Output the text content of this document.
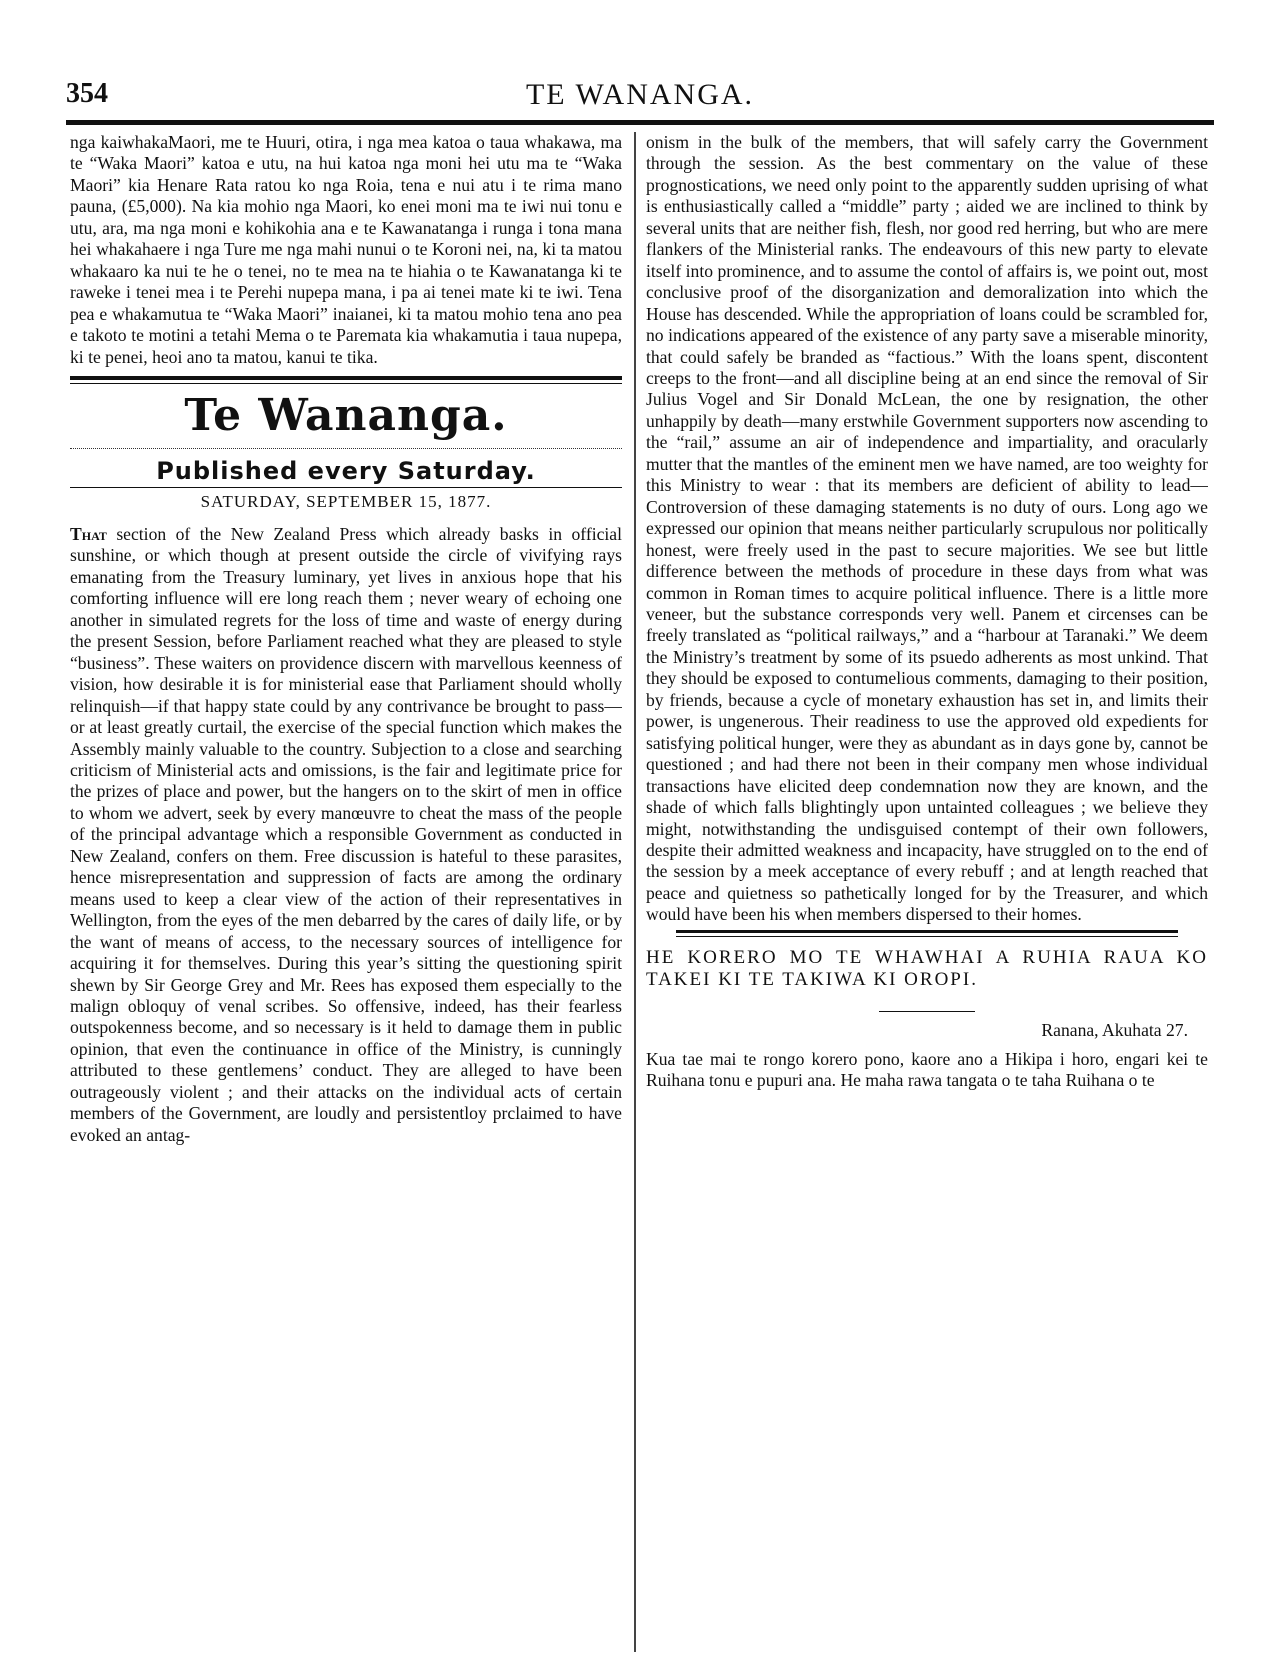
354	TE WANANGA.

nga kaiwhakaMaori, me te Huuri, otira, i nga mea katoa o taua whakawa, ma te “Waka Maori” katoa e utu, na hui katoa nga moni hei utu ma te “Waka Maori” kia Henare Rata ratou ko nga Roia, tena e nui atu i te rima mano pauna, (£5,000). Na kia mohio nga Maori, ko enei moni ma te iwi nui tonu e utu, ara, ma nga moni e kohikohia ana e te Kawanatanga i runga i tona mana hei whakahaere i nga Ture me nga mahi nunui o te Koroni nei, na, ki ta matou whakaaro ka nui te he o tenei, no te mea na te hiahia o te Kawanatanga ki te raweke i tenei mea i te Perehi nupepa mana, i pa ai tenei mate ki te iwi. Tena pea e whakamutua te “Waka Maori” inaianei, ki ta matou mohio tena ano pea e takoto te motini a tetahi Mema o te Paremata kia whakamutia i taua nupepa, ki te penei, heoi ano ta matou, kanui te tika.

Te Wananga.
Published every Saturday.
SATURDAY, SEPTEMBER 15, 1877.

That section of the New Zealand Press which already basks in official sunshine, or which though at present outside the circle of vivifying rays emanating from the Treasury luminary, yet lives in anxious hope that his comforting influence will ere long reach them ; never weary of echoing one another in simulated regrets for the loss of time and waste of energy during the present Session, before Parliament reached what they are pleased to style “business”. These waiters on providence discern with marvellous keenness of vision, how desirable it is for ministerial ease that Parliament should wholly relinquish—if that happy state could by any contrivance be brought to pass—or at least greatly curtail, the exercise of the special function which makes the Assembly mainly valuable to the country. Subjection to a close and searching criticism of Ministerial acts and omissions, is the fair and legitimate price for the prizes of place and power, but the hangers on to the skirt of men in office to whom we advert, seek by every manœuvre to cheat the mass of the people of the principal advantage which a responsible Government as conducted in New Zealand, confers on them. Free discussion is hateful to these parasites, hence misrepresentation and suppression of facts are among the ordinary means used to keep a clear view of the action of their representatives in Wellington, from the eyes of the men debarred by the cares of daily life, or by the want of means of access, to the necessary sources of intelligence for acquiring it for themselves. During this year’s sitting the questioning spirit shewn by Sir George Grey and Mr. Rees has exposed them especially to the malign obloquy of venal scribes. So offensive, indeed, has their fearless outspokenness become, and so necessary is it held to damage them in public opinion, that even the continuance in office of the Ministry, is cunningly attributed to these gentlemens’ conduct. They are alleged to have been outrageously violent ; and their attacks on the individual acts of certain members of the Government, are loudly and persistentloy prclaimed to have evoked an antag-

onism in the bulk of the members, that will safely carry the Government through the session. As the best commentary on the value of these prognostications, we need only point to the apparently sudden uprising of what is enthusiastically called a “middle” party ; aided we are inclined to think by several units that are neither fish, flesh, nor good red herring, but who are mere flankers of the Ministerial ranks. The endeavours of this new party to elevate itself into prominence, and to assume the contol of affairs is, we point out, most conclusive proof of the disorganization and demoralization into which the House has descended. While the appropriation of loans could be scrambled for, no indications appeared of the existence of any party save a miserable minority, that could safely be branded as “factious.” With the loans spent, discontent creeps to the front—and all discipline being at an end since the removal of Sir Julius Vogel and Sir Donald McLean, the one by resignation, the other unhappily by death—many erstwhile Government supporters now ascending to the “rail,” assume an air of independence and impartiality, and oracularly mutter that the mantles of the eminent men we have named, are too weighty for this Ministry to wear : that its members are deficient of ability to lead—Controversion of these damaging statements is no duty of ours. Long ago we expressed our opinion that means neither particularly scrupulous nor politically honest, were freely used in the past to secure majorities. We see but little difference between the methods of procedure in these days from what was common in Roman times to acquire political influence. There is a little more veneer, but the substance corresponds very well. Panem et circenses can be freely translated as “political railways,” and a “harbour at Taranaki.” We deem the Ministry’s treatment by some of its psuedo adherents as most unkind. That they should be exposed to contumelious comments, damaging to their position, by friends, because a cycle of monetary exhaustion has set in, and limits their power, is ungenerous. Their readiness to use the approved old expedients for satisfying political hunger, were they as abundant as in days gone by, cannot be questioned ; and had there not been in their company men whose individual transactions have elicited deep condemnation now they are known, and the shade of which falls blightingly upon untainted colleagues ; we believe they might, notwithstanding the undisguised contempt of their own followers, despite their admitted weakness and incapacity, have struggled on to the end of the session by a meek acceptance of every rebuff ; and at length reached that peace and quietness so pathetically longed for by the Treasurer, and which would have been his when members dispersed to their homes.

HE KORERO MO TE WHAWHAI A RUHIA RAUA KO TAKEI KI TE TAKIWA KI OROPI.
Ranana, Akuhata 27.

Kua tae mai te rongo korero pono, kaore ano a Hikipa i horo, engari kei te Ruihana tonu e pupuri ana. He maha rawa tangata o te taha Ruihana o te
